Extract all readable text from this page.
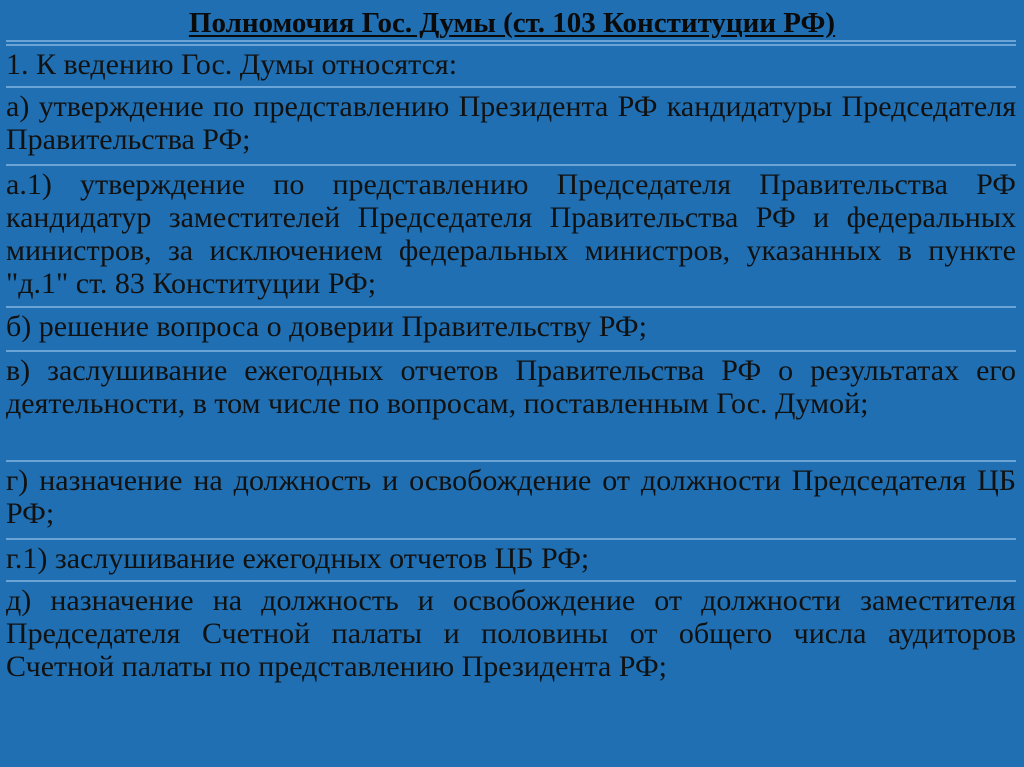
Полномочия Гос. Думы (ст. 103 Конституции РФ)
1. К ведению Гос. Думы относятся:
а) утверждение по представлению Президента РФ кандидатуры Председателя Правительства РФ;
а.1) утверждение по представлению Председателя Правительства РФ кандидатур заместителей Председателя Правительства РФ и федеральных министров, за исключением федеральных министров, указанных в пункте "д.1" ст. 83 Конституции РФ;
б) решение вопроса о доверии Правительству РФ;
в) заслушивание ежегодных отчетов Правительства РФ о результатах его деятельности, в том числе по вопросам, поставленным Гос. Думой;
г) назначение на должность и освобождение от должности Председателя ЦБ РФ;
г.1) заслушивание ежегодных отчетов ЦБ РФ;
д) назначение на должность и освобождение от должности заместителя Председателя Счетной палаты и половины от общего числа аудиторов Счетной палаты по представлению Президента РФ;
